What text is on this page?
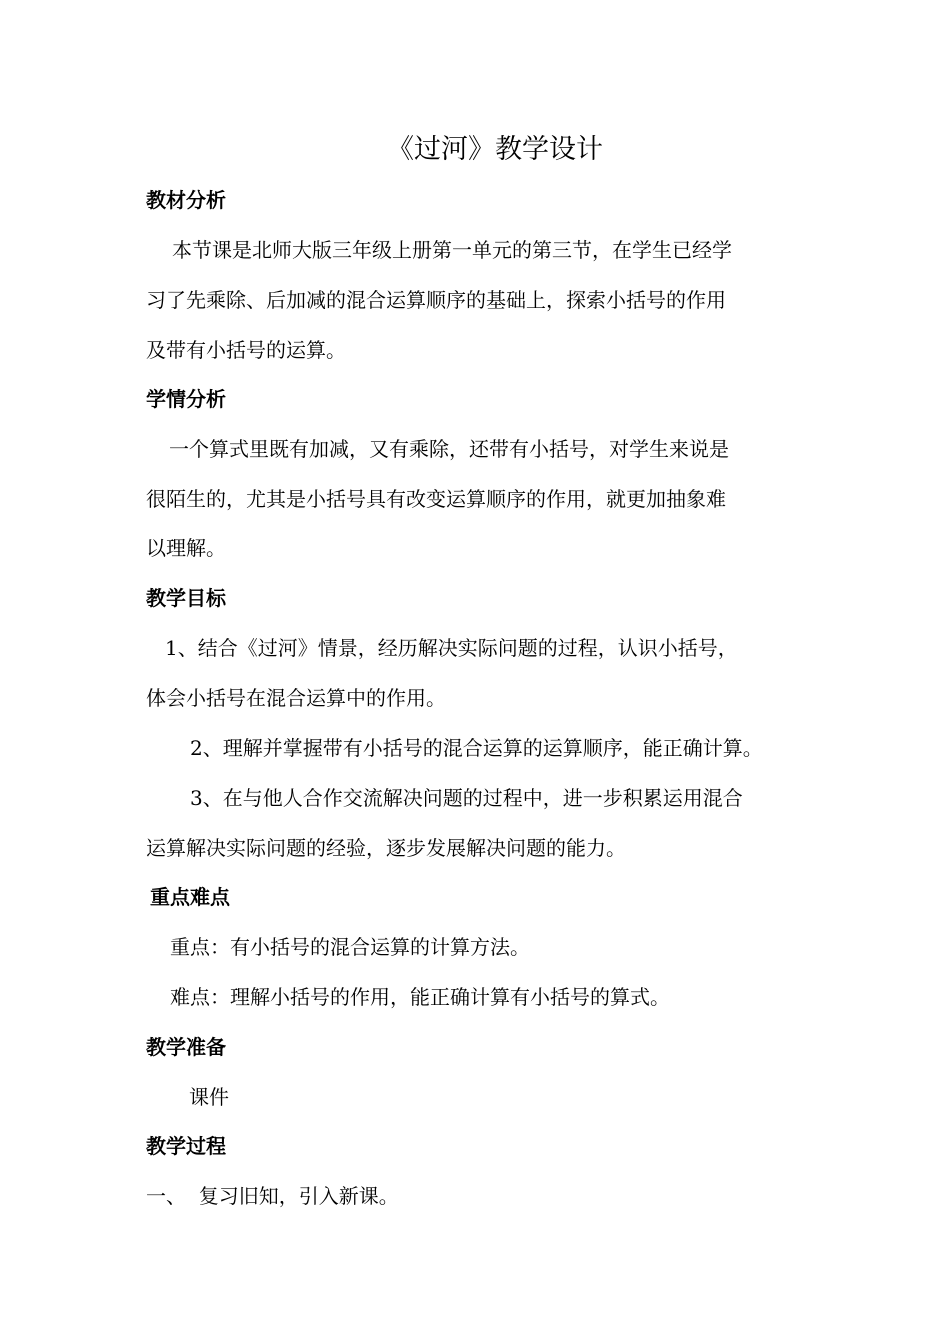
《过河》教学设计
教材分析
本节课是北师大版三年级上册第一单元的第三节，在学生已经学
习了先乘除、后加减的混合运算顺序的基础上，探索小括号的作用
及带有小括号的运算。
学情分析
一个算式里既有加减，又有乘除，还带有小括号，对学生来说是
很陌生的，尤其是小括号具有改变运算顺序的作用，就更加抽象难
以理解。
教学目标
1、结合《过河》情景，经历解决实际问题的过程，认识小括号，
体会小括号在混合运算中的作用。
2、理解并掌握带有小括号的混合运算的运算顺序，能正确计算。
3、在与他人合作交流解决问题的过程中，进一步积累运用混合
运算解决实际问题的经验，逐步发展解决问题的能力。
重点难点
重点：有小括号的混合运算的计算方法。
难点：理解小括号的作用，能正确计算有小括号的算式。
教学准备
课件
教学过程
一、  复习旧知，引入新课。
